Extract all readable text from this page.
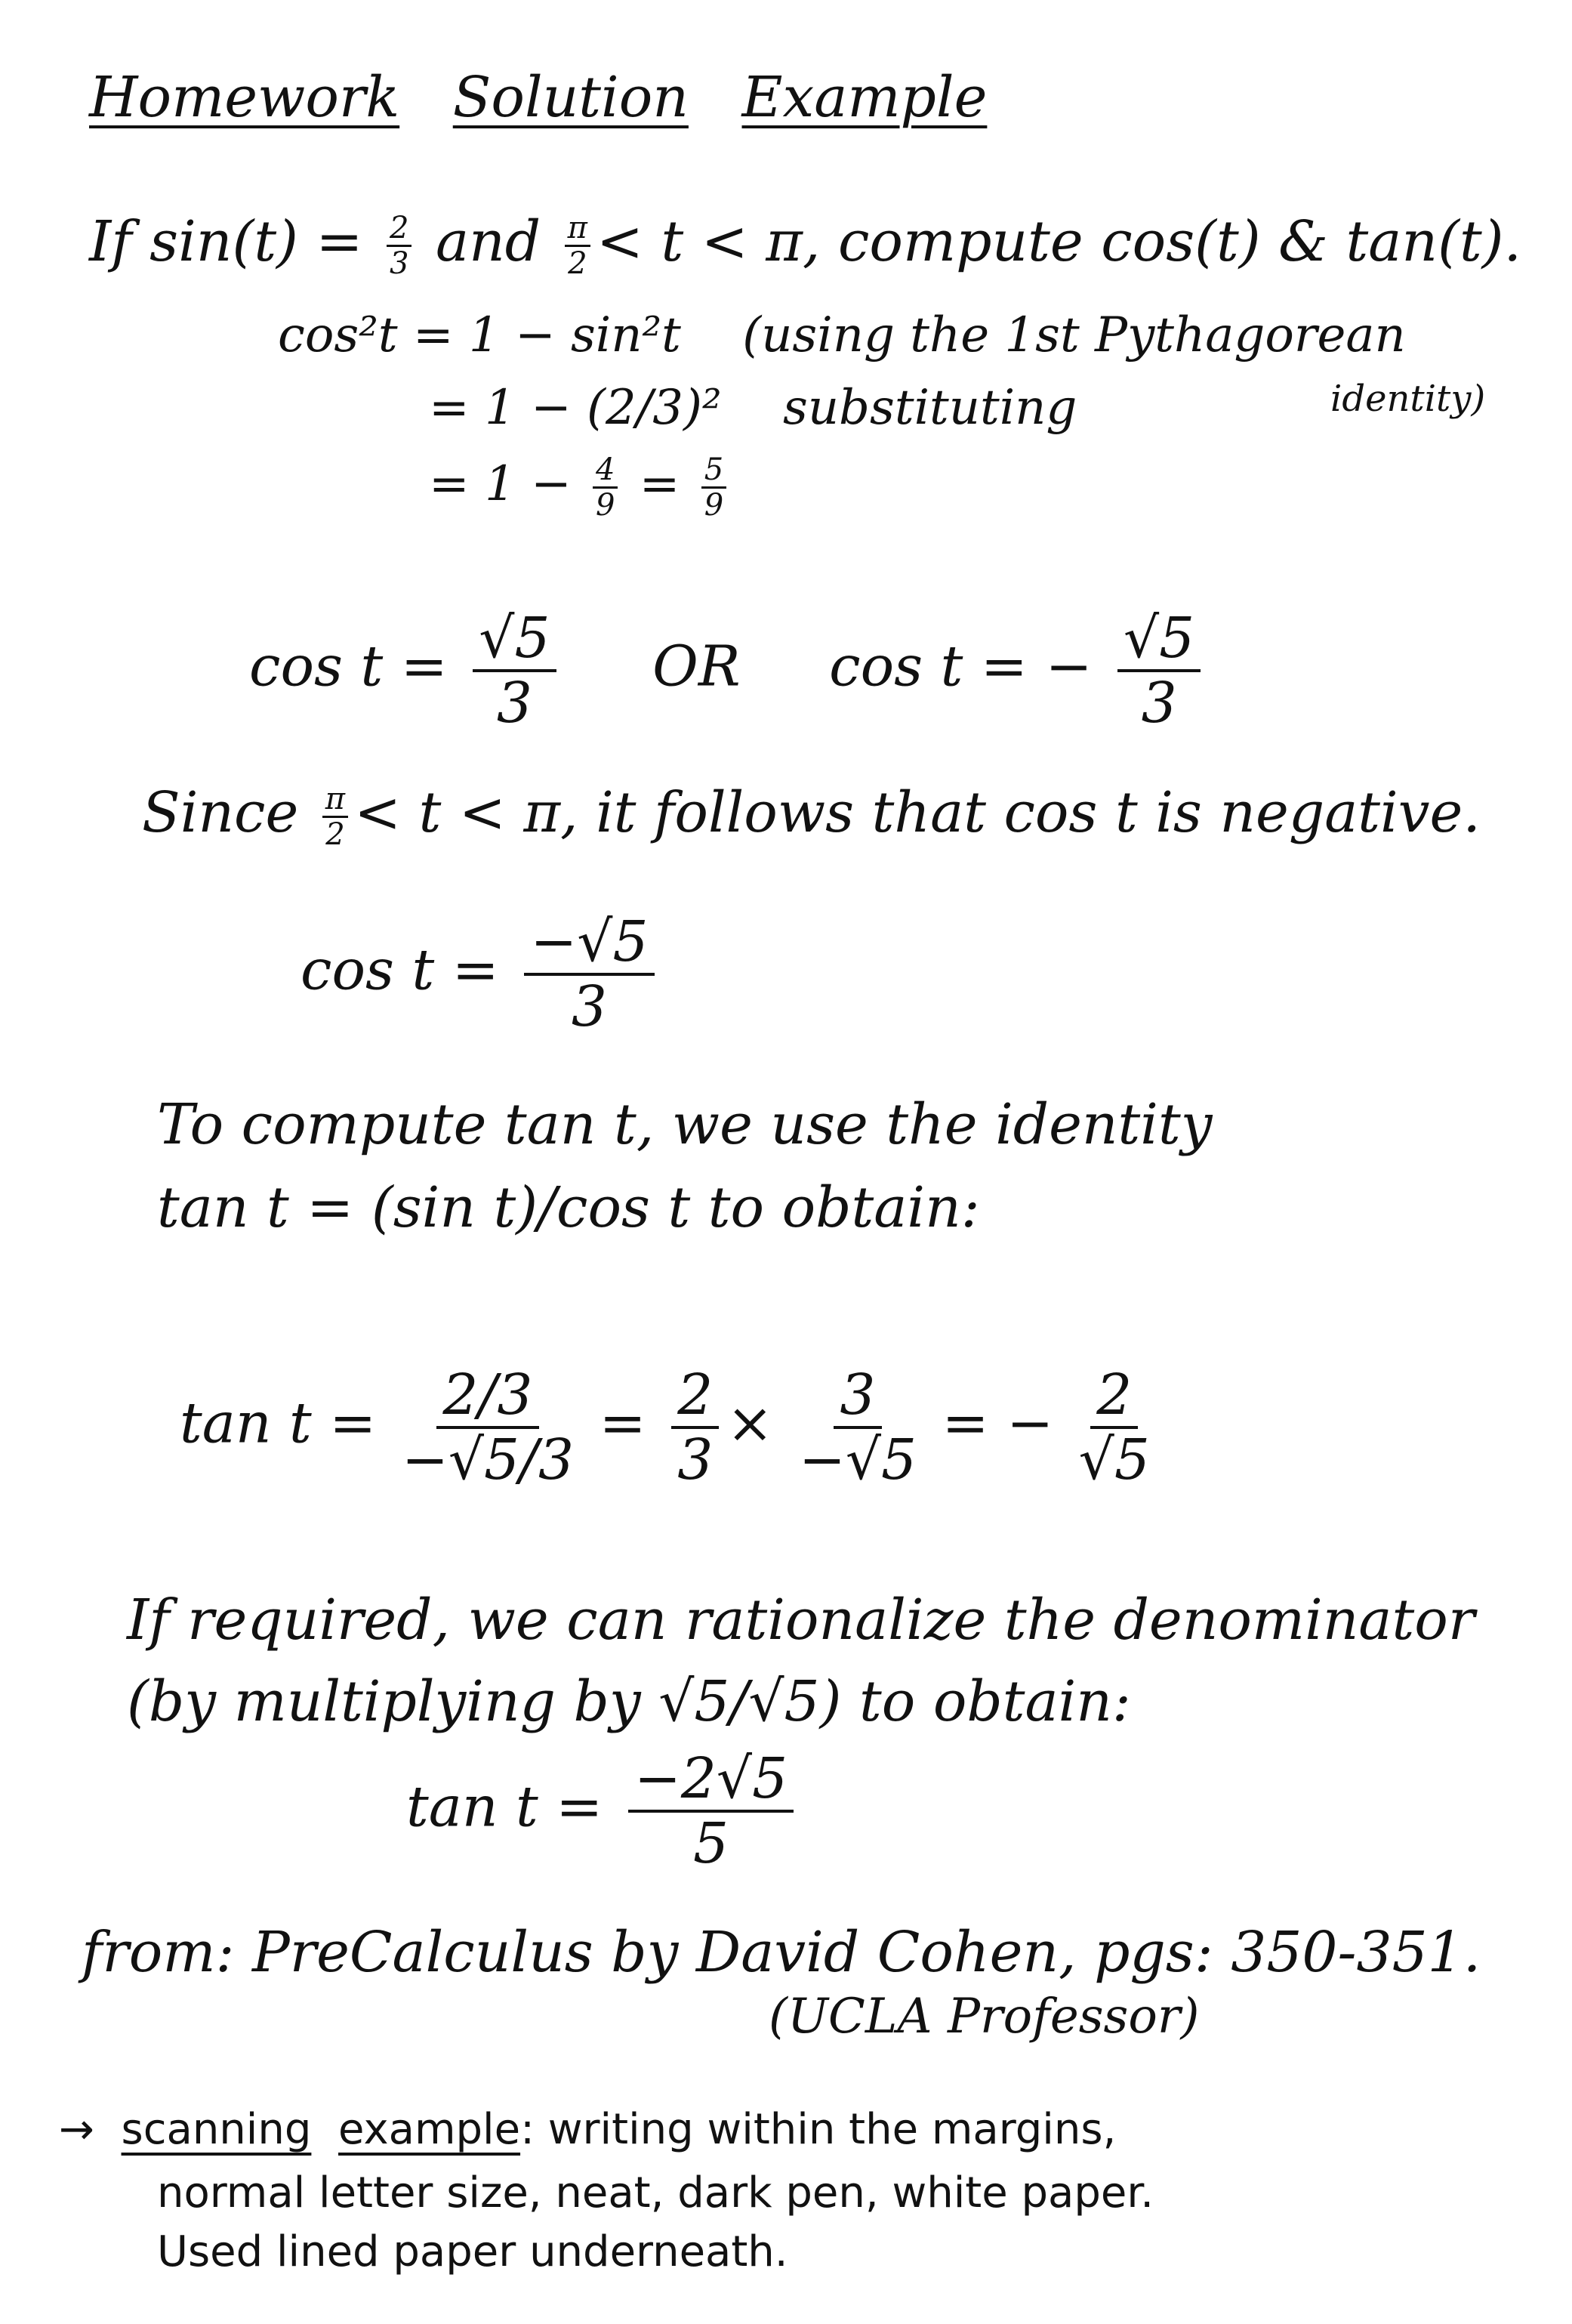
Homework Solution Example
If $\sin(t) = \frac{2}{3}$ and $\frac{\pi}{2} < t < \pi$, compute cos(t) & tan(t).
cos²t = 1 − sin²t (using the 1st Pythagorean
identity)
= 1 − (2/3)² substituting
= $1 - \frac{4}{9} = \frac{5}{9}$
$\cos t = \frac{√5}{3}$ OR cos t = − $\frac{√5}{3}$
Since $\frac{\pi}{2} < t < \pi$, it follows that cos t is negative.
$\cos t = \frac{-√5}{3}$
To compute tan t, we use the identity
tan t = (sin t)/cos t to obtain:
$\tan t = \frac{2/3}{-√5/3} = \frac{2}{3} \times \frac{3}{-√5}$ = − $\frac{2}{√5}$
If required, we can rationalize the denominator
(by multiplying by √5/√5) to obtain:
$\tan t = \frac{-2√5}{5}$
from: PreCalculus by David Cohen, pgs: 350-351.
(UCLA Professor)
→ scanning example: writing within the margins,
normal letter size, neat, dark pen, white paper.
Used lined paper underneath.
